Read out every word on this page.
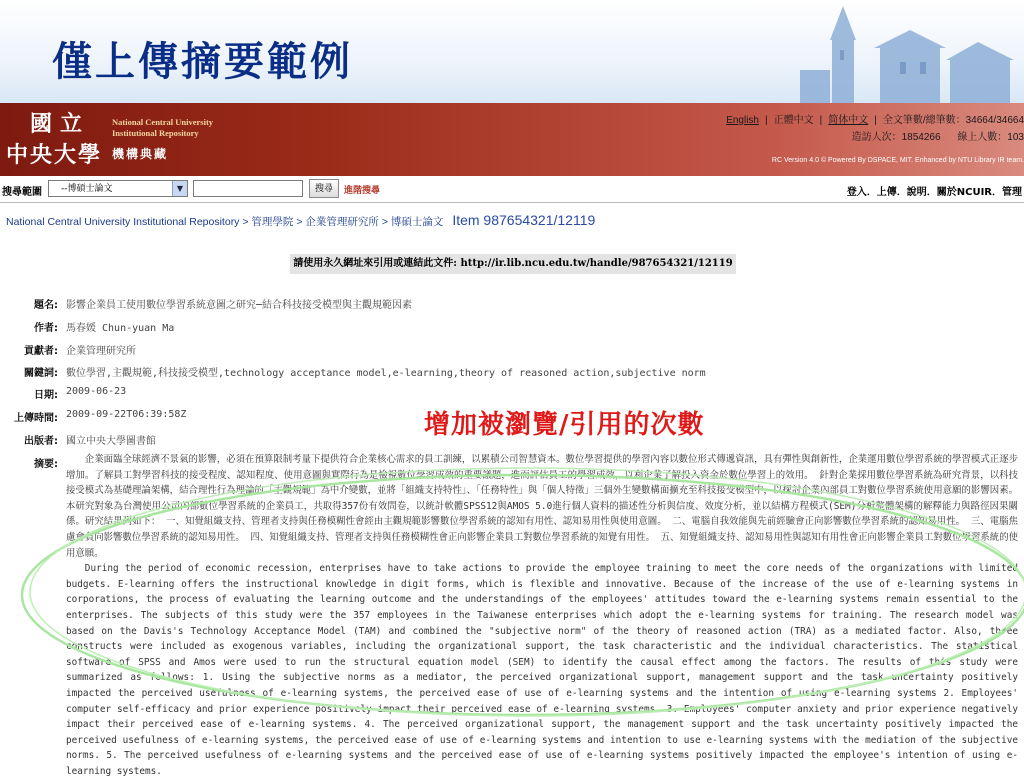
僅上傳摘要範例
國立
中央大學
National Central University
Institutional Repository
機構典藏
English | 正體中文 | 简体中文 | 全文筆數/總筆數：34664/34664
造訪人次：1854266 線上人數：103
RC Version 4.0 © Powered By DSPACE, MIT. Enhanced by NTU Library IR team.
搜尋範圍	--博碩士論文	▼	搜尋	進階搜尋	登入．上傳．說明．關於NCUIR．管理
National Central University Institutional Repository > 管理學院 > 企業管理研究所 > 博碩士論文 Item 987654321/12119
請使用永久網址來引用或連結此文件: http://ir.lib.ncu.edu.tw/handle/987654321/12119
題名: 影響企業員工使用數位學習系統意圖之研究─結合科技接受模型與主觀規範因素
作者: 馬春媛 Chun-yuan Ma
貢獻者: 企業管理研究所
關鍵詞: 數位學習,主觀規範,科技接受模型,technology acceptance model,e-learning,theory of reasoned action,subjective norm
日期: 2009-06-23
上傳時間: 2009-09-22T06:39:58Z
出版者: 國立中央大學圖書館
摘要:
增加被瀏覽/引用的次數

企業面臨全球經濟不景氣的影響，必須在預算限制考量下提供符合企業核心需求的員工訓練，以累積公司智慧資本。數位學習提供的學習內容以數位形式傳遞資訊，具有彈性與創新性，企業運用數位學習系統的學習模式正逐步增加。了解員工對學習科技的接受程度、認知程度、使用意圖與實際行為是檢視數位學習成效的重要議題，進而評估員工的學習成效，以利企業了解投入資金於數位學習上的效用。 針對企業採用數位學習系統為研究背景，以科技接受模式為基礎理論架構，結合理性行為理論的「主觀規範」為中介變數，並將「組織支持特性」、「任務特性」與「個人特徵」三個外生變數構面擴充至科技接受模型中，以探討企業內部員工對數位學習系統使用意願的影響因素。本研究對象為台灣使用公司內部數位學習系統的企業員工，共取得357份有效問卷，以統計軟體SPSS12與AMOS 5.0進行個人資料的描述性分析與信度、效度分析，並以結構方程模式(SEM)分析整體架構的解釋能力與路徑因果關係。研究結果列如下： 一、知覺組織支持、管理者支持與任務模糊性會經由主觀規範影響數位學習系統的認知有用性、認知易用性與使用意圖。 二、電腦自我效能與先前經驗會正向影響數位學習系統的認知易用性。 三、電腦焦慮會負向影響數位學習系統的認知易用性。 四、知覺組織支持、管理者支持與任務模糊性會正向影響企業員工對數位學習系統的知覺有用性。 五、知覺組織支持、認知易用性與認知有用性會正向影響企業員工對數位學習系統的使用意願。

During the period of economic recession, enterprises have to take actions to provide the employee training to meet the core needs of the organizations with limited budgets. E-learning offers the instructional knowledge in digit forms, which is flexible and innovative. Because of the increase of the use of e-learning systems in corporations, the process of evaluating the learning outcome and the understandings of the employees' attitudes toward the e-learning systems remain essential to the enterprises. The subjects of this study were the 357 employees in the Taiwanese enterprises which adopt the e-learning systems for training. The research model was based on the Davis's Technology Acceptance Model (TAM) and combined the "subjective norm" of the theory of reasoned action (TRA) as a mediated factor. Also, three constructs were included as exogenous variables, including the organizational support, the task characteristic and the individual characteristics. The statistical software of SPSS and Amos were used to run the structural equation model (SEM) to identify the causal effect among the factors. The results of this study were summarized as follows: 1. Using the subjective norms as a mediator, the perceived organizational support, management support and the task uncertainty positively impacted the perceived usefulness of e-learning systems, the perceived ease of use of e-learning systems and the intention of using e-learning systems 2. Employees' computer self-efficacy and prior experience positively impact their perceived ease of e-learning systems. 3. Employees' computer anxiety and prior experience negatively impact their perceived ease of e-learning systems. 4. The perceived organizational support, the management support and the task uncertainty positively impacted the perceived usefulness of e-learning systems, the perceived ease of use of e-learning systems and intention to use e-learning systems with the mediation of the subjective norms. 5. The perceived usefulness of e-learning systems and the perceived ease of use of e-learning systems positively impacted the employee's intention of using e-learning systems.
